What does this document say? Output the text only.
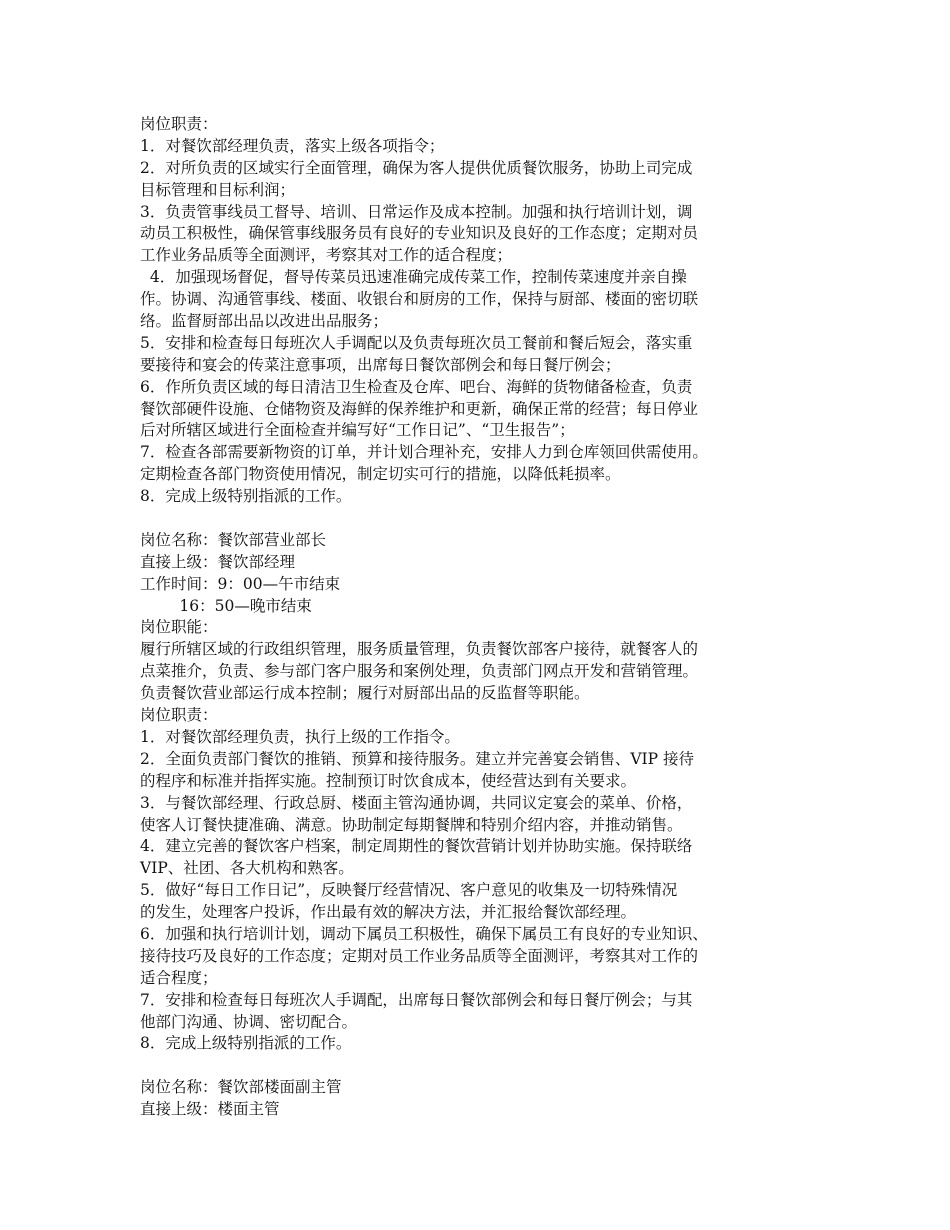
岗位职责：
1．对餐饮部经理负责，落实上级各项指令；
2．对所负责的区域实行全面管理，确保为客人提供优质餐饮服务，协助上司完成
目标管理和目标利润；
3．负责管事线员工督导、培训、日常运作及成本控制。加强和执行培训计划，调
动员工积极性，确保管事线服务员有良好的专业知识及良好的工作态度；定期对员
工作业务品质等全面测评，考察其对工作的适合程度；
4．加强现场督促，督导传菜员迅速准确完成传菜工作，控制传菜速度并亲自操
作。协调、沟通管事线、楼面、收银台和厨房的工作，保持与厨部、楼面的密切联
络。监督厨部出品以改进出品服务；
5．安排和检查每日每班次人手调配以及负责每班次员工餐前和餐后短会，落实重
要接待和宴会的传菜注意事项，出席每日餐饮部例会和每日餐厅例会；
6．作所负责区域的每日清洁卫生检查及仓库、吧台、海鲜的货物储备检查，负责
餐饮部硬件设施、仓储物资及海鲜的保养维护和更新，确保正常的经营；每日停业
后对所辖区域进行全面检查并编写好“工作日记”、“卫生报告”；
7．检查各部需要新物资的订单，并计划合理补充，安排人力到仓库领回供需使用。
定期检查各部门物资使用情况，制定切实可行的措施，以降低耗损率。
8．完成上级特别指派的工作。
岗位名称：餐饮部营业部长
直接上级：餐饮部经理
工作时间：9：00—午市结束
16：50—晚市结束
岗位职能：
履行所辖区域的行政组织管理，服务质量管理，负责餐饮部客户接待，就餐客人的
点菜推介，负责、参与部门客户服务和案例处理，负责部门网点开发和营销管理。
负责餐饮营业部运行成本控制；履行对厨部出品的反监督等职能。
岗位职责：
1．对餐饮部经理负责，执行上级的工作指令。
2．全面负责部门餐饮的推销、预算和接待服务。建立并完善宴会销售、VIP 接待
的程序和标准并指挥实施。控制预订时饮食成本，使经营达到有关要求。
3．与餐饮部经理、行政总厨、楼面主管沟通协调，共同议定宴会的菜单、价格，
使客人订餐快捷准确、满意。协助制定每期餐牌和特别介绍内容，并推动销售。
4．建立完善的餐饮客户档案，制定周期性的餐饮营销计划并协助实施。保持联络
VIP、社团、各大机构和熟客。
5．做好“每日工作日记”，反映餐厅经营情况、客户意见的收集及一切特殊情况
的发生，处理客户投诉，作出最有效的解决方法，并汇报给餐饮部经理。
6．加强和执行培训计划，调动下属员工积极性，确保下属员工有良好的专业知识、
接待技巧及良好的工作态度；定期对员工作业务品质等全面测评，考察其对工作的
适合程度；
7．安排和检查每日每班次人手调配，出席每日餐饮部例会和每日餐厅例会；与其
他部门沟通、协调、密切配合。
8．完成上级特别指派的工作。
岗位名称：餐饮部楼面副主管
直接上级：楼面主管
